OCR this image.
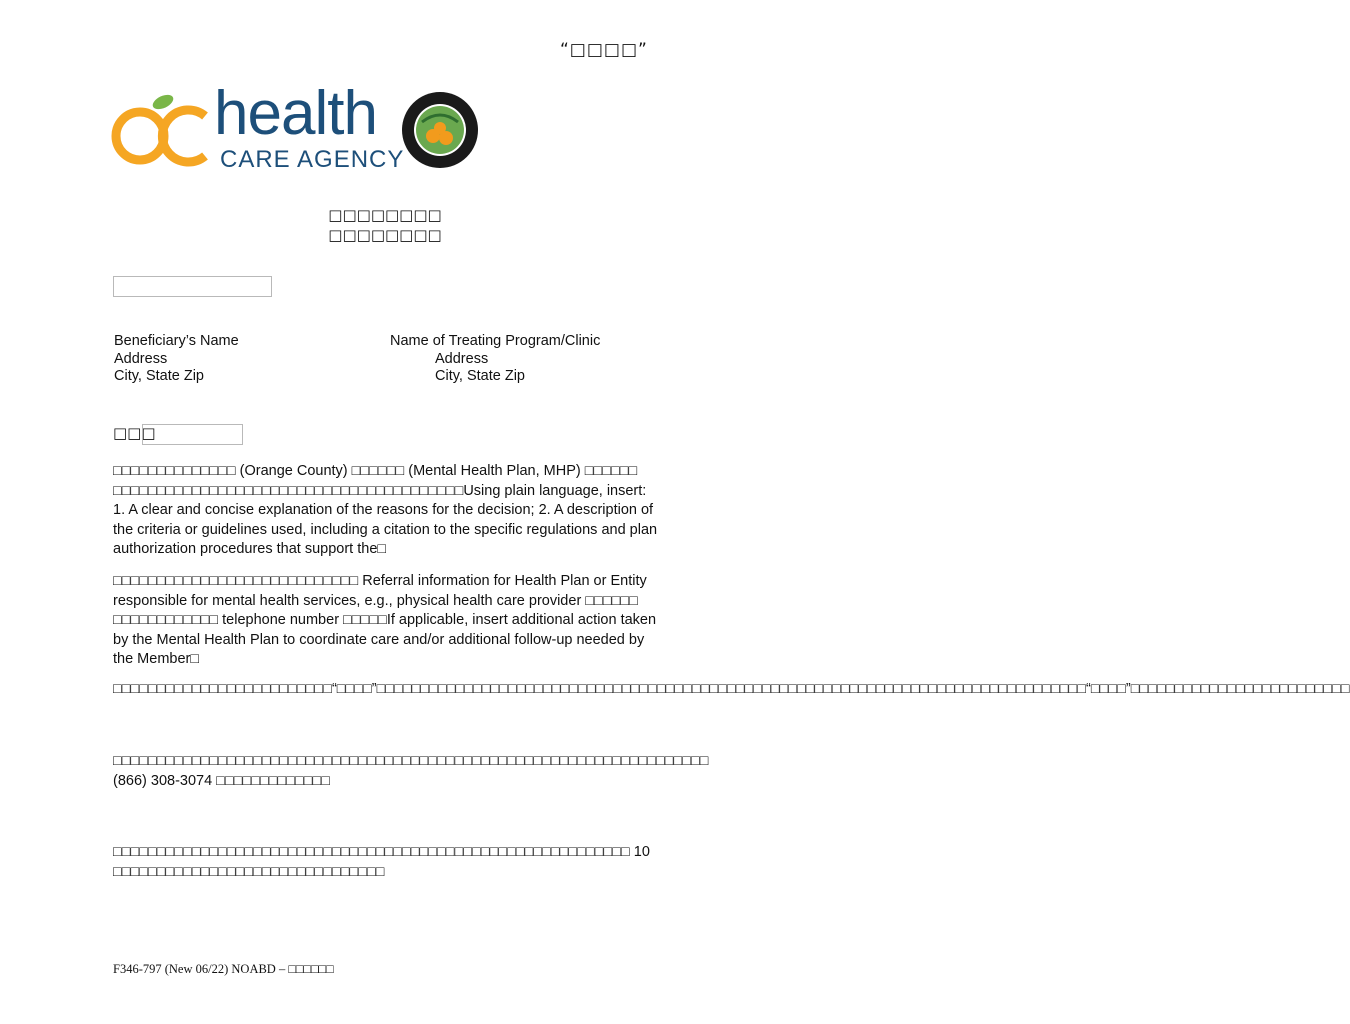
“□□□□”
health
CARE AGENCY
□□□□□□□□
□□□□□□□□
Beneficiary’s Name
Address
City, State Zip
Name of Treating Program/Clinic
Address
City, State Zip
□□□
□□□□□□□□□□□□□□ (Orange County) □□□□□□ (Mental Health Plan, MHP) □□□□□□ □□□□□□□□□□□□□□□□□□□□□□□□□□□□□□□□□□□□□□□□Using plain language, insert: 1. A clear and concise explanation of the reasons for the decision; 2. A description of the criteria or guidelines used, including a citation to the specific regulations and plan authorization procedures that support the□
□□□□□□□□□□□□□□□□□□□□□□□□□□□□ Referral information for Health Plan or Entity responsible for mental health services, e.g., physical health care provider □□□□□□ □□□□□□□□□□□□ telephone number □□□□□If applicable, insert additional action taken by the Mental Health Plan to coordinate care and/or additional follow-up needed by the Member□
□□□□□□□□□□□□□□□□□□□□□□□□□“□□□□”□□□□□□□□□□□□□□□□□□□□□□□□□□□□□□□□□□□□□□□□□□□□□□□□□□□□□□□□□□□□□□□□□□□□□□□□□□□□□□□□□“□□□□”□□□□□□□□□□□□□□□□□□□□□□□□□
□□□□□□□□□□□□□□□□□□□□□□□□□□□□□□□□□□□□□□□□□□□□□□□□□□□□□□□□□□□□□□□□□□□□ (866) 308-3074 □□□□□□□□□□□□□
□□□□□□□□□□□□□□□□□□□□□□□□□□□□□□□□□□□□□□□□□□□□□□□□□□□□□□□□□□□ 10 □□□□□□□□□□□□□□□□□□□□□□□□□□□□□□□
F346-797 (New 06/22) NOABD – □□□□□□
